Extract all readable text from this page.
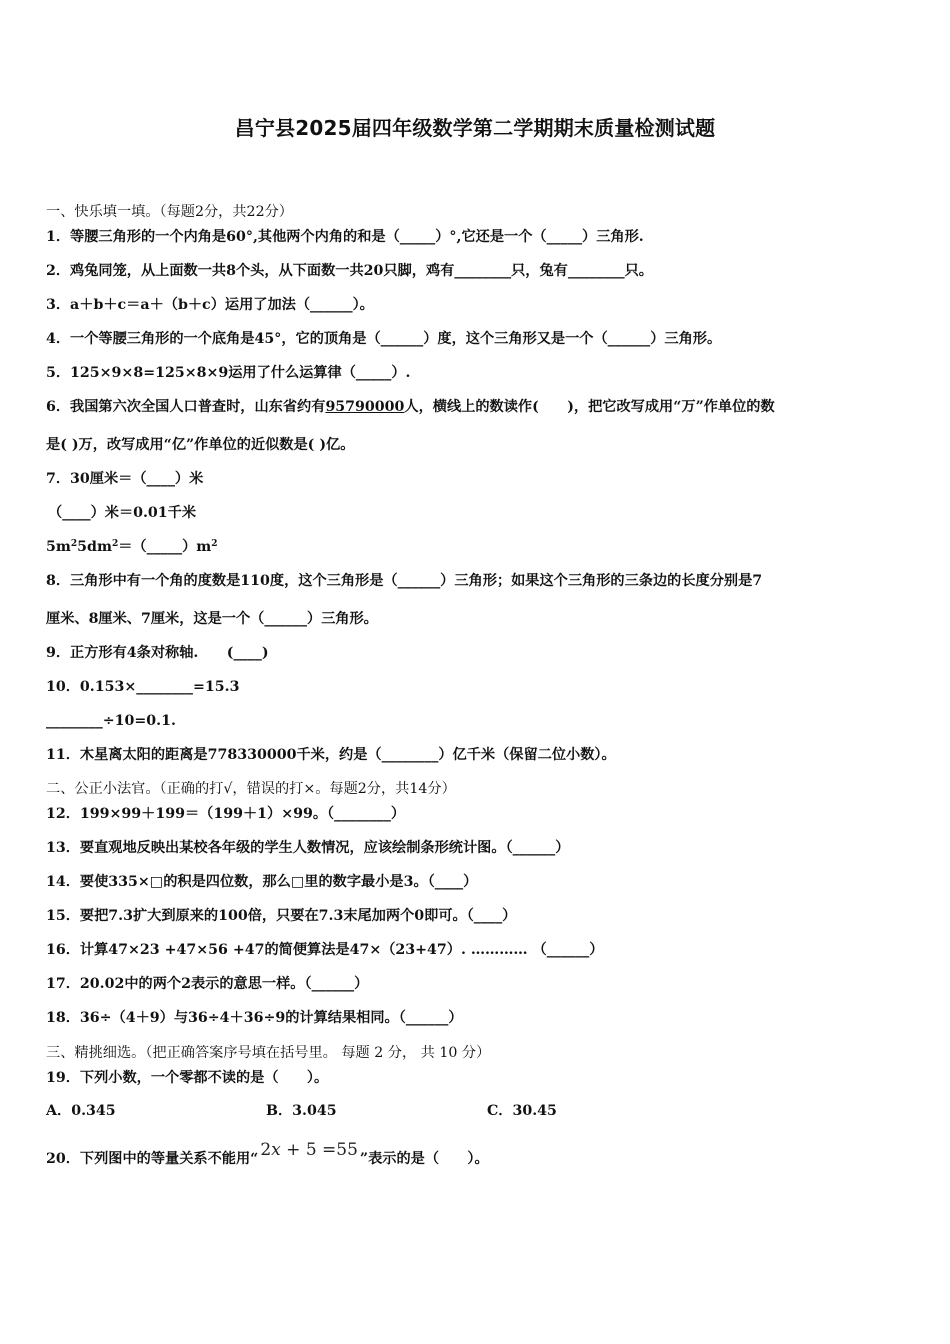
昌宁县2025届四年级数学第二学期期末质量检测试题
一、快乐填一填。（每题2分，共22分）
1．等腰三角形的一个内角是60°,其他两个内角的和是（_____）°,它还是一个（_____）三角形.
2．鸡兔同笼，从上面数一共8个头，从下面数一共20只脚，鸡有________只，兔有________只。
3．a＋b＋c＝a＋（b＋c）运用了加法（______）。
4．一个等腰三角形的一个底角是45°，它的顶角是（______）度，这个三角形又是一个（______）三角形。
5．125×9×8=125×8×9运用了什么运算律（_____）.
6．我国第六次全国人口普查时，山东省约有95790000人，横线上的数读作(　　)，把它改写成用“万”作单位的数
是( )万，改写成用“亿”作单位的近似数是( )亿。
7．30厘米＝（____）米
（____）米＝0.01千米
$5m^25dm^2=(\_\_\_\_\_)m^2$
8．三角形中有一个角的度数是110度，这个三角形是（______）三角形；如果这个三角形的三条边的长度分别是7
厘米、8厘米、7厘米，这是一个（______）三角形。
9．正方形有4条对称轴.　　(____)
10．0.153×________=15.3
________÷10=0.1.
11．木星离太阳的距离是778330000千米，约是（________）亿千米（保留二位小数）。
二、公正小法官。（正确的打√，错误的打×。每题2分，共14分）
12．199×99＋199＝（199＋1）×99。（________）
13．要直观地反映出某校各年级的学生人数情况，应该绘制条形统计图。（______）
14．要使335×□的积是四位数，那么□里的数字最小是3。（____）
15．要把7.3扩大到原来的100倍，只要在7.3末尾加两个0即可。（____）
16．计算47×23 +47×56 +47的简便算法是47×（23+47）. ………… （______）
17．20.02中的两个2表示的意思一样。（______）
18．36÷（4＋9）与36÷4＋36÷9的计算结果相同。（______）
三、精挑细选。（把正确答案序号填在括号里。 每题 2 分， 共 10 分）
19．下列小数，一个零都不读的是（　　）。
A．0.345	B．3.045	C．30.45
20．下列图中的等量关系不能用“ 2x + 5 =55 ”表示的是（　　）。
